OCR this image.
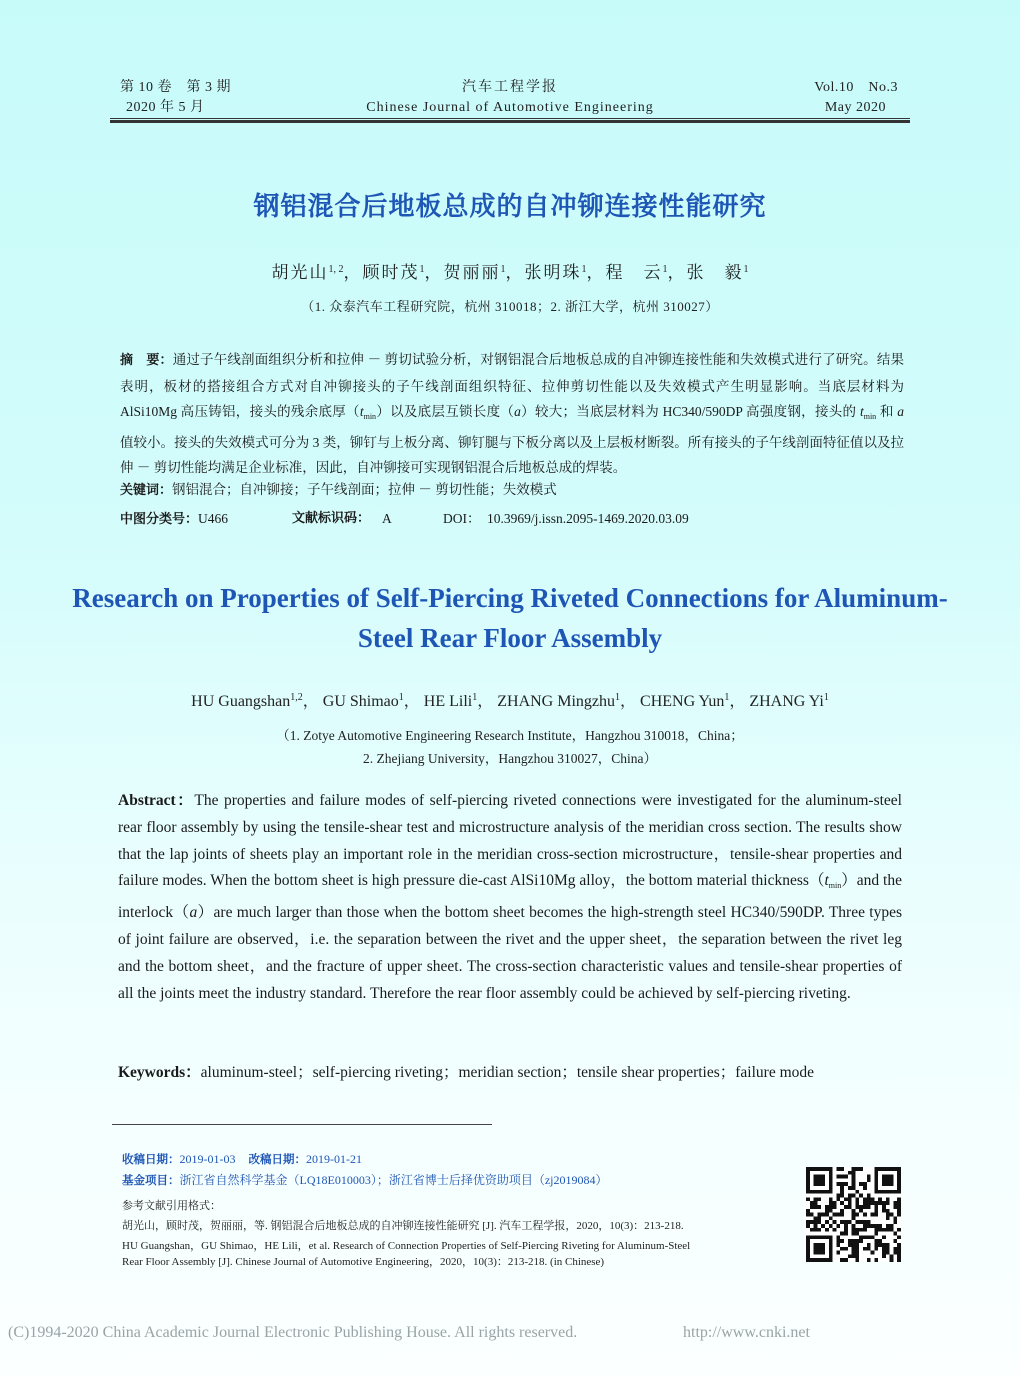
第 10 卷　第 3 期
2020 年 5 月
汽车工程学报
Chinese Journal of Automotive Engineering
Vol.10　No.3
May 2020
钢铝混合后地板总成的自冲铆连接性能研究
胡光山$^{1, 2}$，顾时茂$^1$，贺丽丽$^1$，张明珠$^1$，程　云$^1$，张　毅$^1$
（1. 众泰汽车工程研究院，杭州 310018；2. 浙江大学，杭州 310027）
摘　要：通过子午线剖面组织分析和拉伸 － 剪切试验分析，对钢铝混合后地板总成的自冲铆连接性能和失效模式进行了研究。结果表明，板材的搭接组合方式对自冲铆接头的子午线剖面组织特征、拉伸剪切性能以及失效模式产生明显影响。当底层材料为 AlSi10Mg 高压铸铝，接头的残余底厚$(t_{min})$以及底层互锁长度（a）较大；当底层材料为 HC340/590DP 高强度钢，接头的 $t_{min}$ 和 a 值较小。接头的失效模式可分为 3 类，铆钉与上板分离、铆钉腿与下板分离以及上层板材断裂。所有接头的子午线剖面特征值以及拉伸 － 剪切性能均满足企业标准，因此，自冲铆接可实现钢铝混合后地板总成的焊装。
关键词：钢铝混合；自冲铆接；子午线剖面；拉伸 － 剪切性能；失效模式
中图分类号：U466	文献标识码： A	DOI： 10.3969/j.issn.2095-1469.2020.03.09
Research on Properties of Self-Piercing Riveted Connections for Aluminum-Steel Rear Floor Assembly
HU Guangshan$^{1,2}$， GU Shimao$^1$， HE Lili$^1$， ZHANG Mingzhu$^1$， CHENG Yun$^1$， ZHANG Yi$^1$
（1. Zotye Automotive Engineering Research Institute，Hangzhou 310018，China；
2. Zhejiang University，Hangzhou 310027，China）
Abstract：The properties and failure modes of self-piercing riveted connections were investigated for the aluminum-steel rear floor assembly by using the tensile-shear test and microstructure analysis of the meridian cross section. The results show that the lap joints of sheets play an important role in the meridian cross-section microstructure，tensile-shear properties and failure modes. When the bottom sheet is high pressure die-cast AlSi10Mg alloy，the bottom material $thickness(t_{min})and$ the interlock（a）are much larger than those when the bottom sheet becomes the high-strength steel HC340/590DP. Three types of joint failure are observed，i.e. the separation between the rivet and the upper sheet，the separation between the rivet leg and the bottom sheet，and the fracture of upper sheet. The cross-section characteristic values and tensile-shear properties of all the joints meet the industry standard. Therefore the rear floor assembly could be achieved by self-piercing riveting.
Keywords：aluminum-steel；self-piercing riveting；meridian section；tensile shear properties；failure mode
收稿日期：2019-01-03 改稿日期：2019-01-21
基金项目：浙江省自然科学基金（LQ18E010003）；浙江省博士后择优资助项目（zj2019084）
参考文献引用格式：
胡光山，顾时茂，贺丽丽，等. 钢铝混合后地板总成的自冲铆连接性能研究 [J]. 汽车工程学报，2020，10(3)：213-218.
HU Guangshan，GU Shimao，HE Lili，et al. Research of Connection Properties of Self-Piercing Riveting for Aluminum-Steel
Rear Floor Assembly [J]. Chinese Journal of Automotive Engineering，2020，10(3)：213-218. (in Chinese)
(C)1994-2020 China Academic Journal Electronic Publishing House. All rights reserved.	http://www.cnki.net
